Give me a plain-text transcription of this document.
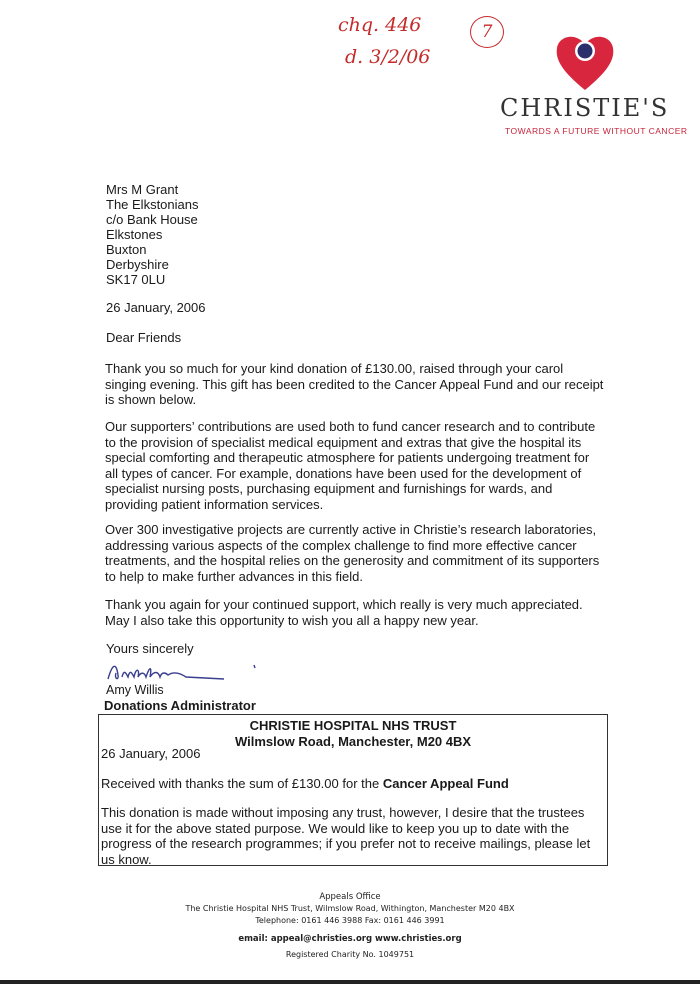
chq. 446
d. 3/2/06
7
CHRISTIE'S
TOWARDS A FUTURE WITHOUT CANCER
Mrs M Grant
The Elkstonians
c/o Bank House
Elkstones
Buxton
Derbyshire
SK17 0LU
26 January, 2006
Dear Friends
Thank you so much for your kind donation of £130.00, raised through your carol singing evening. This gift has been credited to the Cancer Appeal Fund and our receipt is shown below.
Our supporters’ contributions are used both to fund cancer research and to contribute to the provision of specialist medical equipment and extras that give the hospital its special comforting and therapeutic atmosphere for patients undergoing treatment for all types of cancer. For example, donations have been used for the development of specialist nursing posts, purchasing equipment and furnishings for wards, and providing patient information services.
Over 300 investigative projects are currently active in Christie’s research laboratories, addressing various aspects of the complex challenge to find more effective cancer treatments, and the hospital relies on the generosity and commitment of its supporters to help to make further advances in this field.
Thank you again for your continued support, which really is very much appreciated. May I also take this opportunity to wish you all a happy new year.
Yours sincerely
Amy Willis
Donations Administrator
CHRISTIE HOSPITAL NHS TRUST
Wilmslow Road, Manchester, M20 4BX
26 January, 2006
Received with thanks the sum of £130.00 for the Cancer Appeal Fund
This donation is made without imposing any trust, however, I desire that the trustees use it for the above stated purpose. We would like to keep you up to date with the progress of the research programmes; if you prefer not to receive mailings, please let us know.
Appeals Office
The Christie Hospital NHS Trust, Wilmslow Road, Withington, Manchester M20 4BX
Telephone: 0161 446 3988 Fax: 0161 446 3991
email: appeal@christies.org www.christies.org
Registered Charity No. 1049751
